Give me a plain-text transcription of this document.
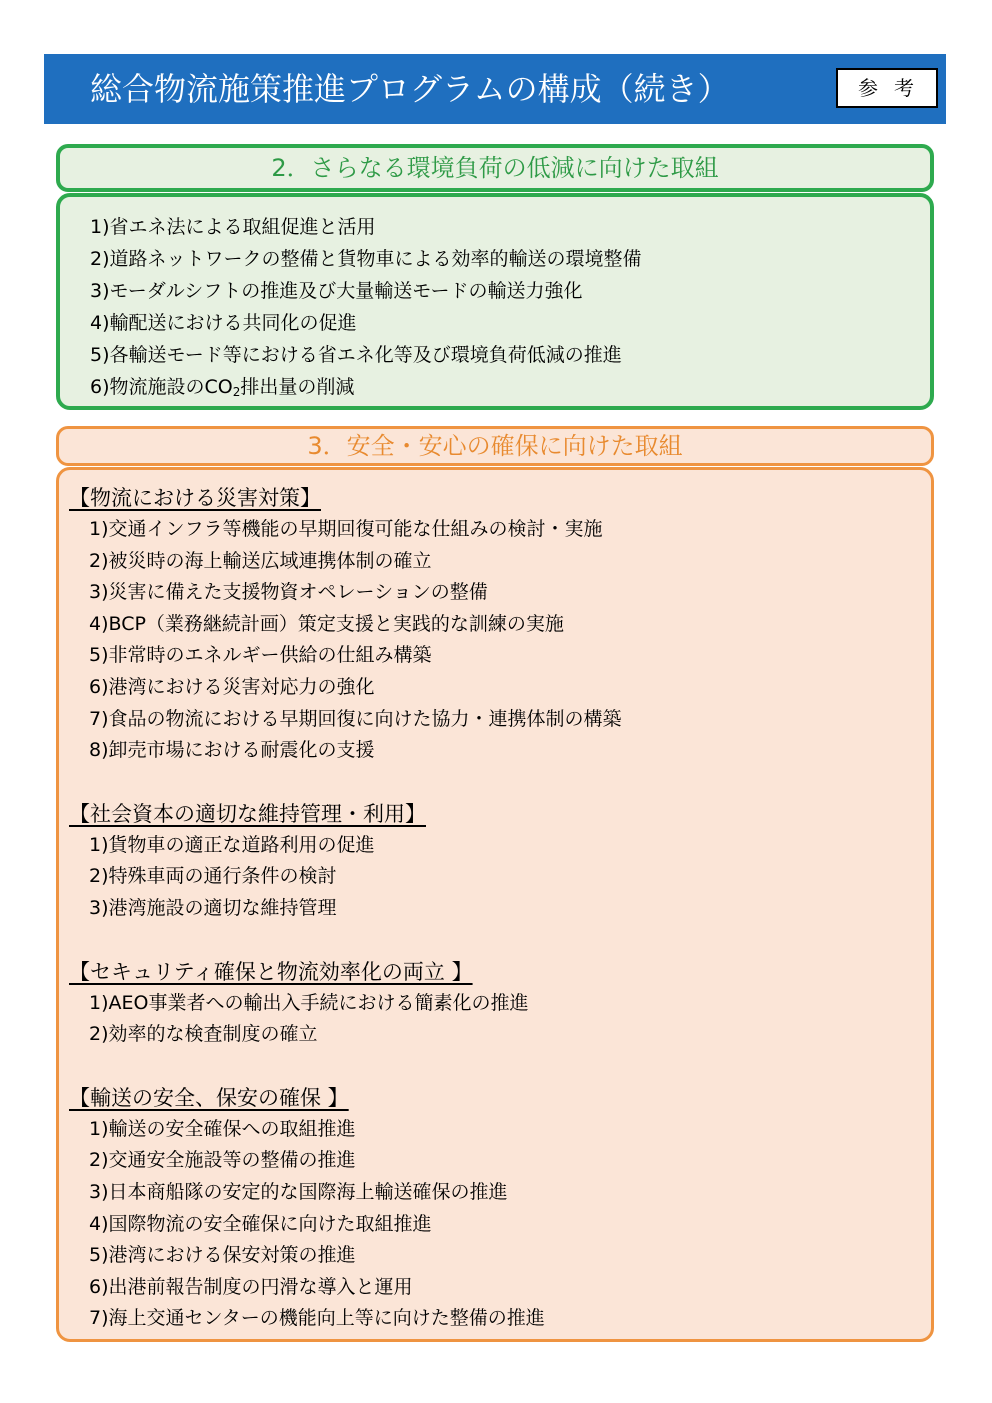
総合物流施策推進プログラムの構成（続き）	参考
2．さらなる環境負荷の低減に向けた取組
1)省エネ法による取組促進と活用
2)道路ネットワークの整備と貨物車による効率的輸送の環境整備
3)モーダルシフトの推進及び大量輸送モードの輸送力強化
4)輸配送における共同化の促進
5)各輸送モード等における省エネ化等及び環境負荷低減の推進
6)物流施設の$CO_2$排出量の削減
3．安全・安心の確保に向けた取組
【物流における災害対策】
1)交通インフラ等機能の早期回復可能な仕組みの検討・実施
2)被災時の海上輸送広域連携体制の確立
3)災害に備えた支援物資オペレーションの整備
4)BCP（業務継続計画）策定支援と実践的な訓練の実施
5)非常時のエネルギー供給の仕組み構築
6)港湾における災害対応力の強化
7)食品の物流における早期回復に向けた協力・連携体制の構築
8)卸売市場における耐震化の支援
【社会資本の適切な維持管理・利用】
1)貨物車の適正な道路利用の促進
2)特殊車両の通行条件の検討
3)港湾施設の適切な維持管理
【セキュリティ確保と物流効率化の両立 】
1)AEO事業者への輸出入手続における簡素化の推進
2)効率的な検査制度の確立
【輸送の安全、保安の確保 】
1)輸送の安全確保への取組推進
2)交通安全施設等の整備の推進
3)日本商船隊の安定的な国際海上輸送確保の推進
4)国際物流の安全確保に向けた取組推進
5)港湾における保安対策の推進
6)出港前報告制度の円滑な導入と運用
7)海上交通センターの機能向上等に向けた整備の推進
